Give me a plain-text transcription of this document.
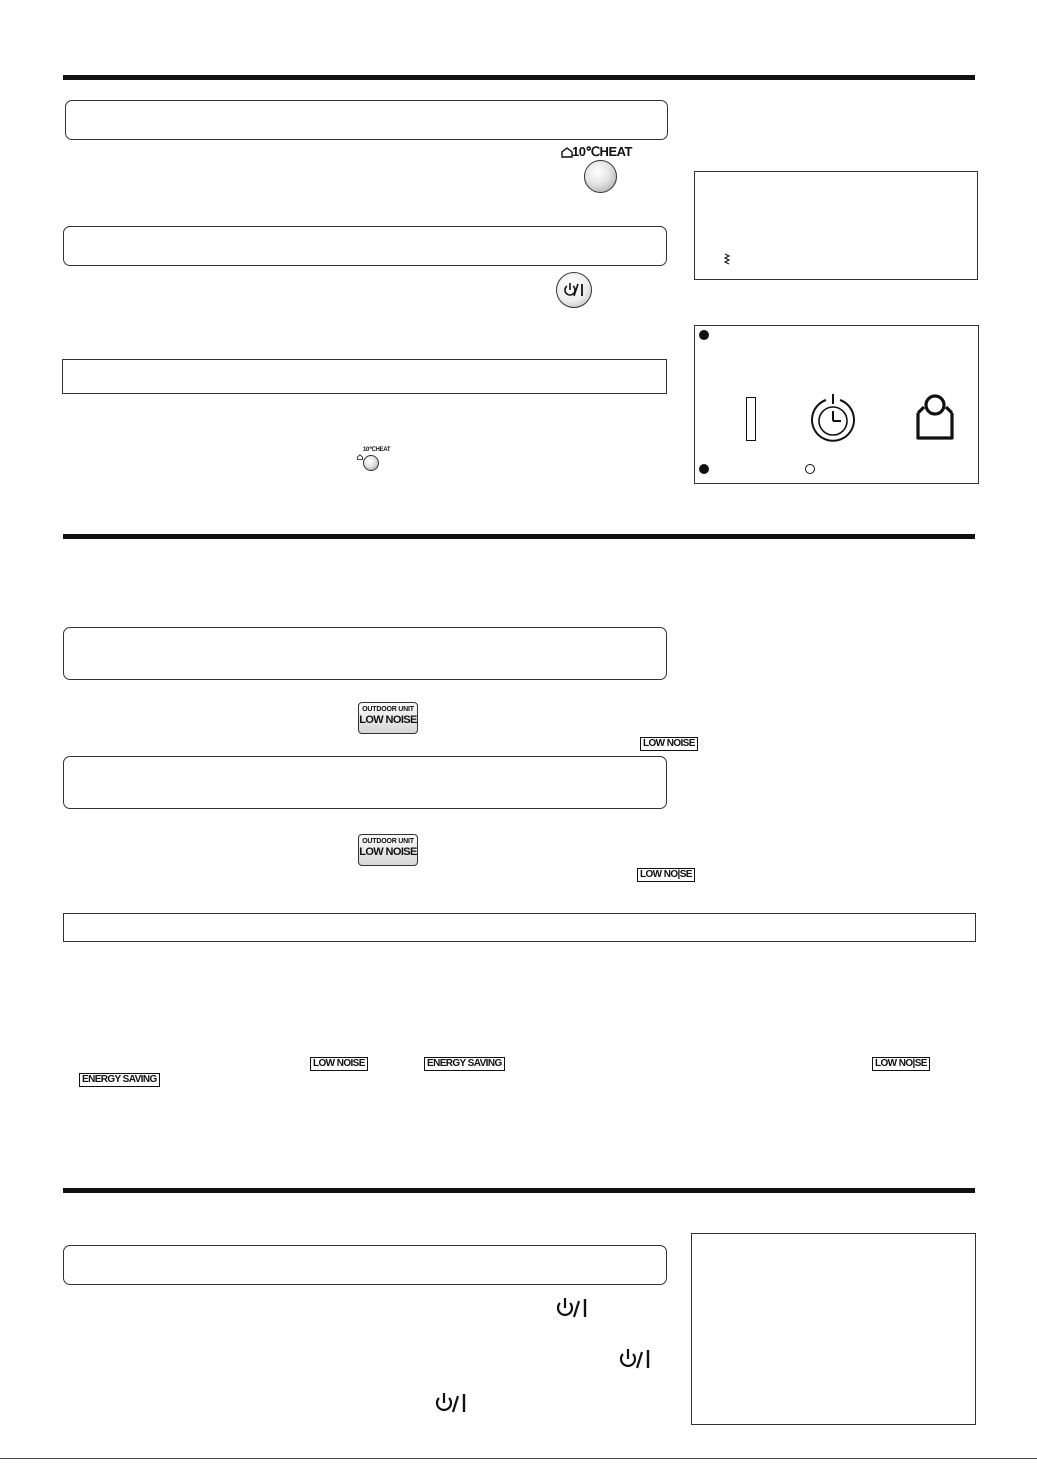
10℃HEAT
10℃HEAT
OUTDOOR UNIT
LOW NOISE
LOW NOISE
OUTDOOR UNIT
LOW NOISE
LOW NO|SE
LOW NOISE	ENERGY SAVING	LOW NO|SE
ENERGY SAVING
